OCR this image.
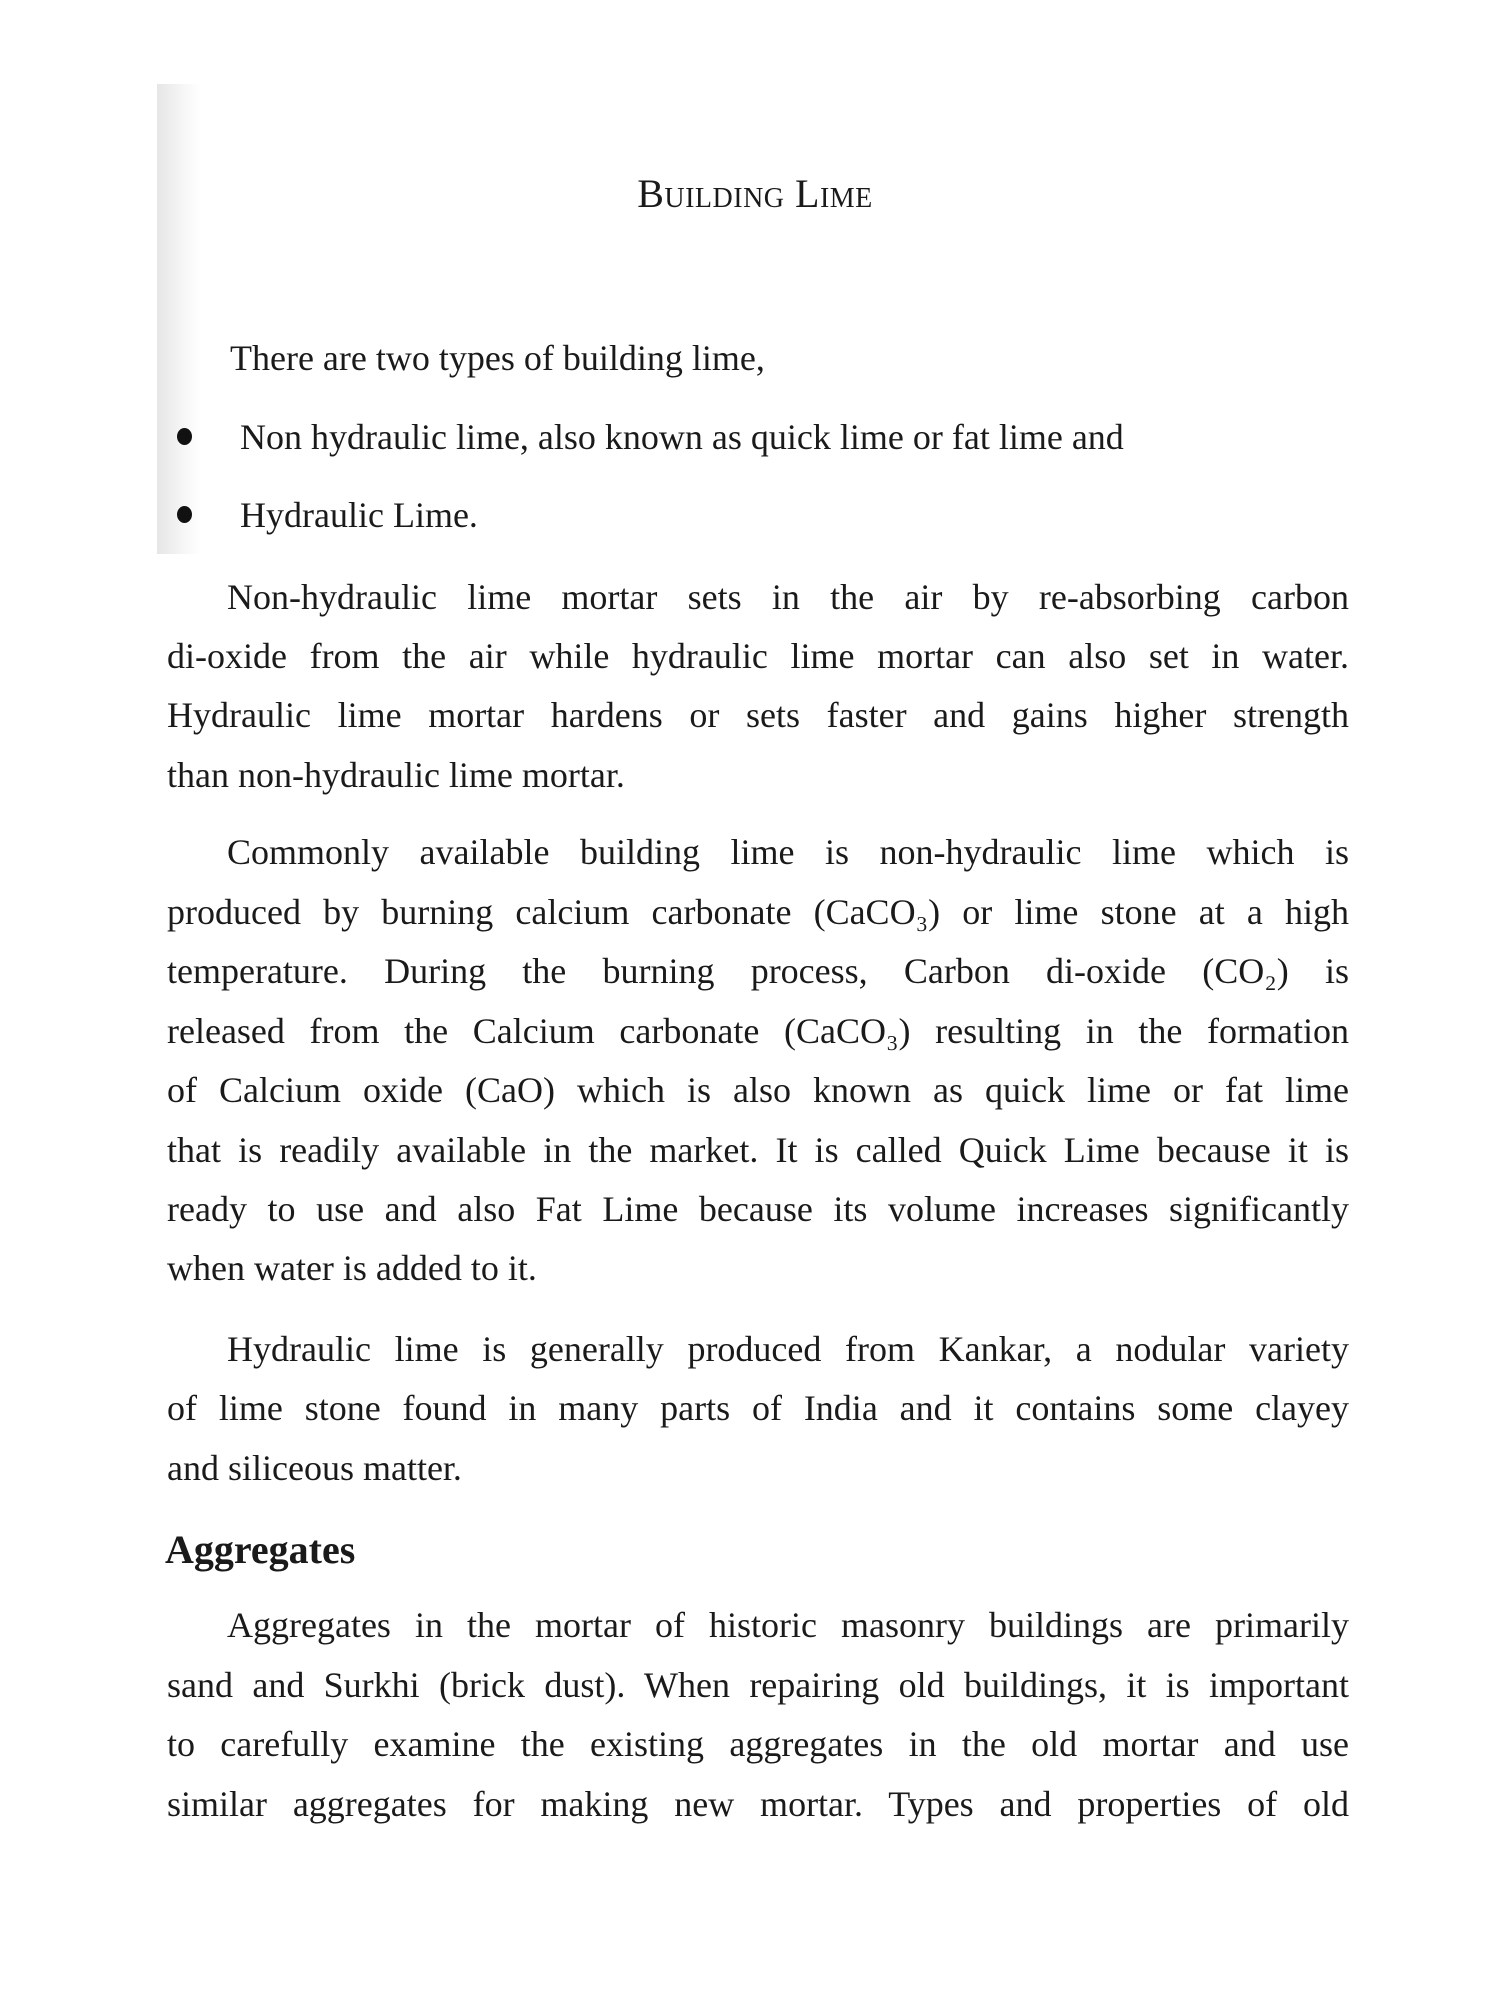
Building Lime
There are two types of building lime,
Non hydraulic lime, also known as quick lime or fat lime and
Hydraulic Lime.
Non-hydraulic lime mortar sets in the air by re-absorbing carbon
di-oxide from the air while hydraulic lime mortar can also set in water.
Hydraulic lime mortar hardens or sets faster and gains higher strength
than non-hydraulic lime mortar.
Commonly available building lime is non-hydraulic lime which is
produced by burning calcium carbonate (CaCO₃) or lime stone at a high
temperature. During the burning process, Carbon di-oxide (CO₂) is
released from the Calcium carbonate (CaCO₃) resulting in the formation
of Calcium oxide (CaO) which is also known as quick lime or fat lime
that is readily available in the market. It is called Quick Lime because it is
ready to use and also Fat Lime because its volume increases significantly
when water is added to it.
Hydraulic lime is generally produced from Kankar, a nodular variety
of lime stone found in many parts of India and it contains some clayey
and siliceous matter.
Aggregates
Aggregates in the mortar of historic masonry buildings are primarily
sand and Surkhi (brick dust). When repairing old buildings, it is important
to carefully examine the existing aggregates in the old mortar and use
similar aggregates for making new mortar. Types and properties of old
